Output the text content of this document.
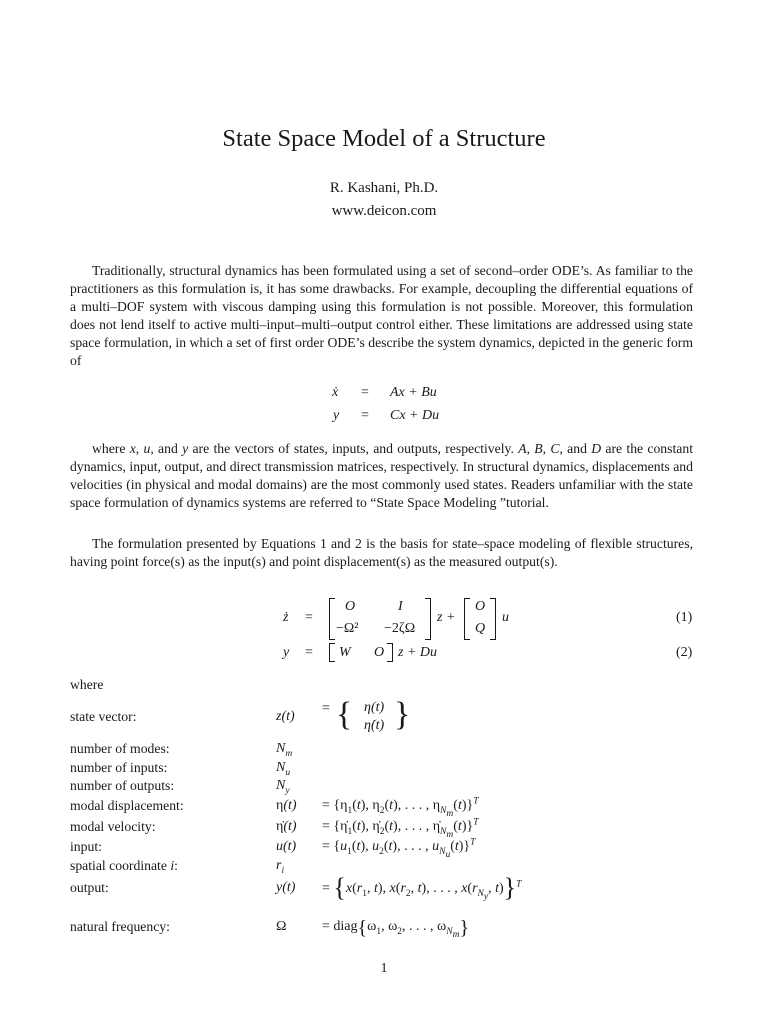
State Space Model of a Structure
R. Kashani, Ph.D.
www.deicon.com

Traditionally, structural dynamics has been formulated using a set of second–order ODE’s. As familiar to the practitioners as this formulation is, it has some drawbacks. For example, decoupling the differential equations of a multi–DOF system with viscous damping using this formulation is not possible. Moreover, this formulation does not lend itself to active multi–input–multi–output control either. These limitations are addressed using state space formulation, in which a set of first order ODE’s describe the system dynamics, depicted in the generic form of

ẋ = Ax + Bu
y = Cx + Du

where x, u, and y are the vectors of states, inputs, and outputs, respectively. A, B, C, and D are the constant dynamics, input, output, and direct transmission matrices, respectively. In structural dynamics, displacements and velocities (in physical and modal domains) are the most commonly used states. Readers unfamiliar with the state space formulation of dynamics systems are referred to “State Space Modeling ”tutorial.

The formulation presented by Equations 1 and 2 is the basis for state–space modeling of flexible structures, having point force(s) as the input(s) and point displacement(s) as the measured output(s).

ż =
O	I
−Ω² −2ζΩ
z +
O
Q
u	(1)
y = W O z + Du	(2)
where
state vector:	z(t)
= { η(t)
η̇(t) }
number of modes:	$N_m$
number of inputs:	$N_u$
number of outputs:	$N_y$
modal displacement:	$\eta(t) = \{\eta_1(t)$, $\eta_2(t)$, . . . , $\eta_{N_m}(t)\}^T$
modal velocity:	η̇(t) = {$\etȧ_1(t)$, $\etȧ_2(t)$, . . . , $\etȧ_{N_m}(t)\}^T$
input:	$u(t) = \{u_1(t)$, $u_2(t)$, . . . , $u_{N_u}(t)\}^T$
spatial coordinate i:	$r_i$
output:	$y(t) = \{x(r_1$, t), $x(r_2$, t), . . . , $x(r_{N_y}$, t)}$^T$
natural frequency:	Ω	= $diag\{\omega_1$, $\omega_2$, . . . , $\omega_{N_m}$}
1
